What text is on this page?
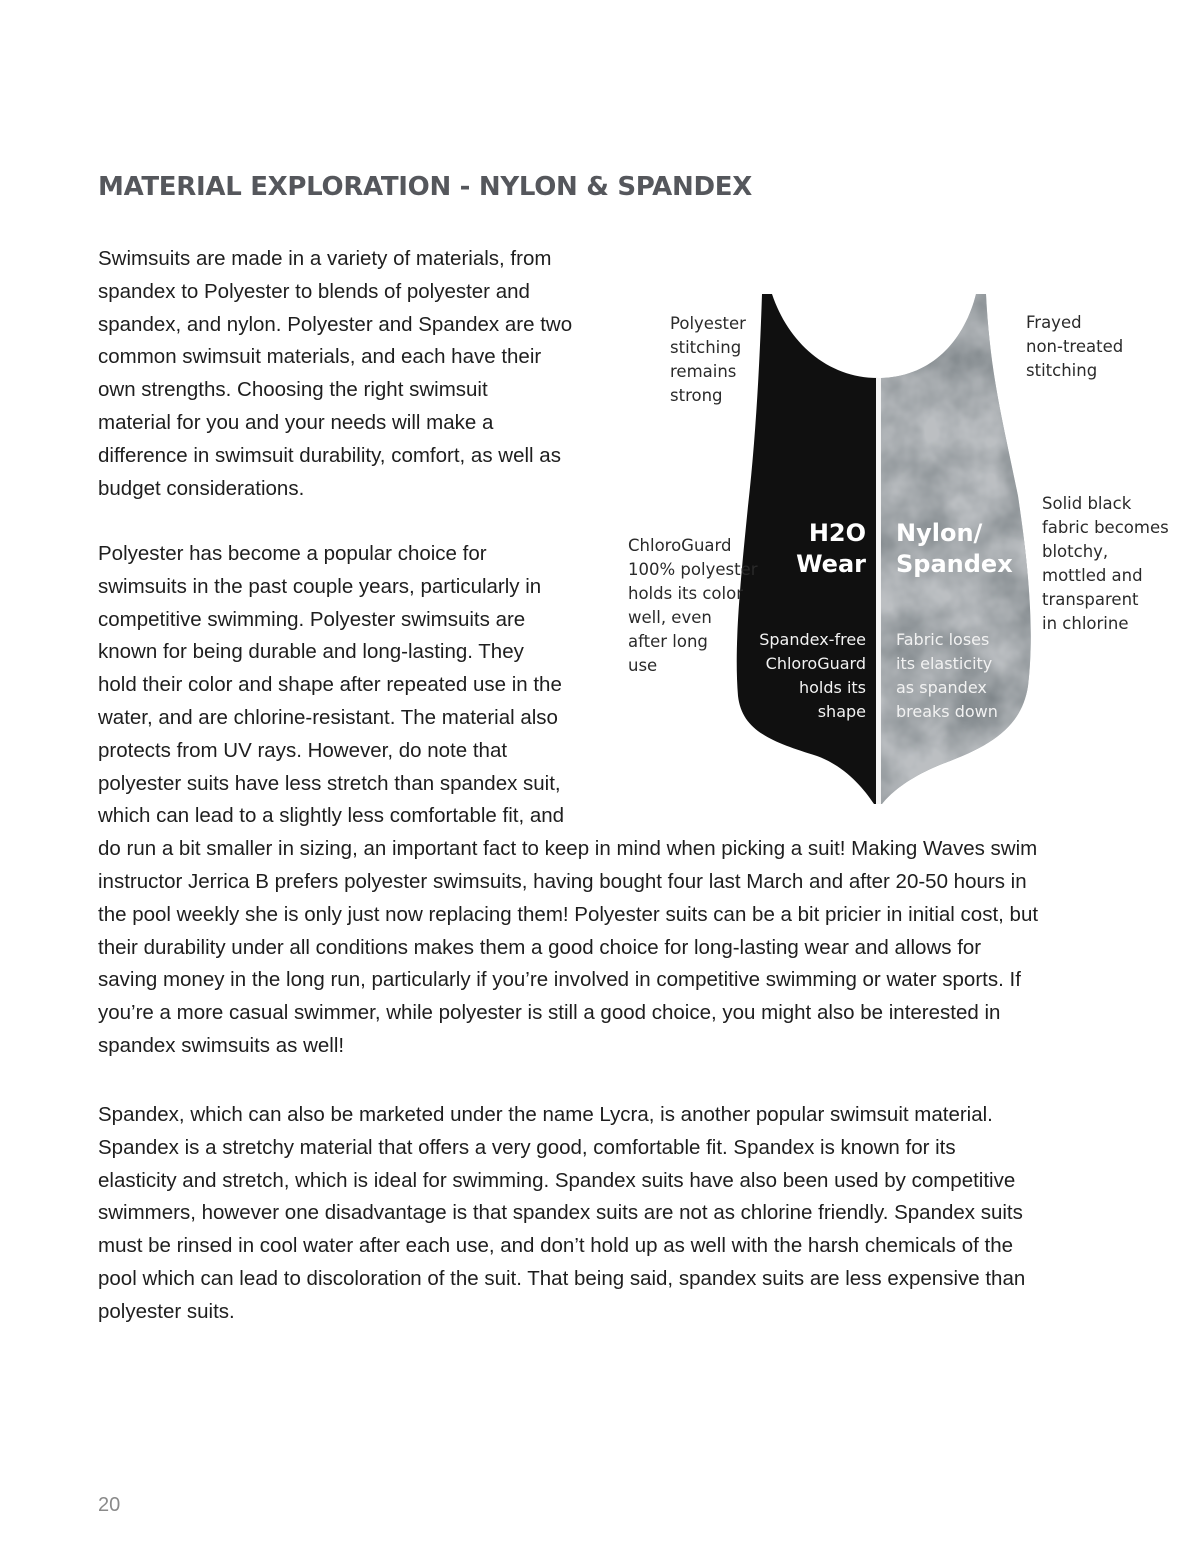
MATERIAL EXPLORATION - NYLON & SPANDEX

Swimsuits are made in a variety of materials, from
spandex to Polyester to blends of polyester and
spandex, and nylon. Polyester and Spandex are two
common swimsuit materials, and each have their
own strengths. Choosing the right swimsuit
material for you and your needs will make a
difference in swimsuit durability, comfort, as well as
budget considerations.

Polyester has become a popular choice for
swimsuits in the past couple years, particularly in
competitive swimming. Polyester swimsuits are
known for being durable and long-lasting. They
hold their color and shape after repeated use in the
water, and are chlorine-resistant. The material also
protects from UV rays. However, do note that
polyester suits have less stretch than spandex suit,
which can lead to a slightly less comfortable fit, and
do run a bit smaller in sizing, an important fact to keep in mind when picking a suit! Making Waves swim
instructor Jerrica B prefers polyester swimsuits, having bought four last March and after 20-50 hours in
the pool weekly she is only just now replacing them! Polyester suits can be a bit pricier in initial cost, but
their durability under all conditions makes them a good choice for long-lasting wear and allows for
saving money in the long run, particularly if you’re involved in competitive swimming or water sports. If
you’re a more casual swimmer, while polyester is still a good choice, you might also be interested in
spandex swimsuits as well!

Spandex, which can also be marketed under the name Lycra, is another popular swimsuit material.
Spandex is a stretchy material that offers a very good, comfortable fit. Spandex is known for its
elasticity and stretch, which is ideal for swimming. Spandex suits have also been used by competitive
swimmers, however one disadvantage is that spandex suits are not as chlorine friendly. Spandex suits
must be rinsed in cool water after each use, and don’t hold up as well with the harsh chemicals of the
pool which can lead to discoloration of the suit. That being said, spandex suits are less expensive than
polyester suits.

Polyester
stitching
remains
strong

ChloroGuard
100% polyester
holds its color
well, even
after long
use

Frayed
non-treated
stitching

Solid black
fabric becomes
blotchy,
mottled and
transparent
in chlorine

H2O
Wear

Nylon/
Spandex

Spandex-free
ChloroGuard
holds its
shape

Fabric loses
its elasticity
as spandex
breaks down

20
